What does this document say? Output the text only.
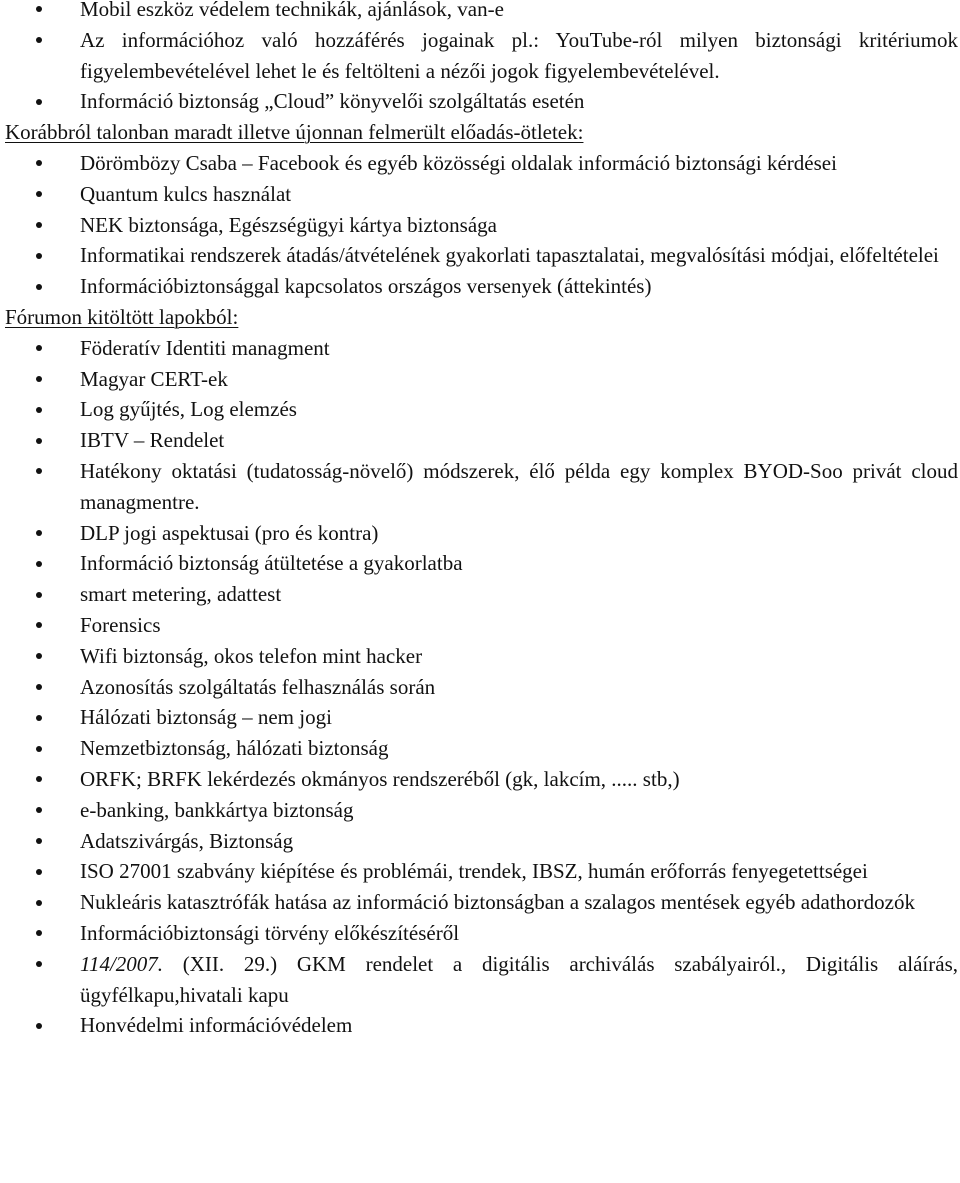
Mobil eszköz védelem technikák, ajánlások, van-e
Az információhoz való hozzáférés jogainak pl.: YouTube-ról milyen biztonsági kritériumok figyelembevételével lehet le és feltölteni a nézői jogok figyelembevételével.
Információ biztonság „Cloud” könyvelői szolgáltatás esetén

Korábbról talonban maradt illetve újonnan felmerült előadás-ötletek:

Dörömbözy Csaba – Facebook és egyéb közösségi oldalak információ biztonsági kérdései
Quantum kulcs használat
NEK biztonsága, Egészségügyi kártya biztonsága
Informatikai rendszerek átadás/átvételének gyakorlati tapasztalatai, megvalósítási módjai, előfeltételei
Információbiztonsággal kapcsolatos országos versenyek (áttekintés)

Fórumon kitöltött lapokból:

Föderatív Identiti managment
Magyar CERT-ek
Log gyűjtés, Log elemzés
IBTV – Rendelet
Hatékony oktatási (tudatosság-növelő) módszerek, élő példa egy komplex BYOD-Soo privát cloud managmentre.
DLP jogi aspektusai (pro és kontra)
Információ biztonság átültetése a gyakorlatba
smart metering, adattest
Forensics
Wifi biztonság, okos telefon mint hacker
Azonosítás szolgáltatás felhasználás során
Hálózati biztonság – nem jogi
Nemzetbiztonság, hálózati biztonság
ORFK; BRFK lekérdezés okmányos rendszeréből (gk, lakcím, ..... stb,)
e-banking, bankkártya biztonság
Adatszivárgás, Biztonság
ISO 27001 szabvány kiépítése és problémái, trendek, IBSZ, humán erőforrás fenyegetettségei
Nukleáris katasztrófák hatása az információ biztonságban a szalagos mentések egyéb adathordozók
Információbiztonsági törvény előkészítéséről
114/2007. (XII. 29.) GKM rendelet a digitális archiválás szabályairól., Digitális aláírás, ügyfélkapu,hivatali kapu
Honvédelmi információvédelem
